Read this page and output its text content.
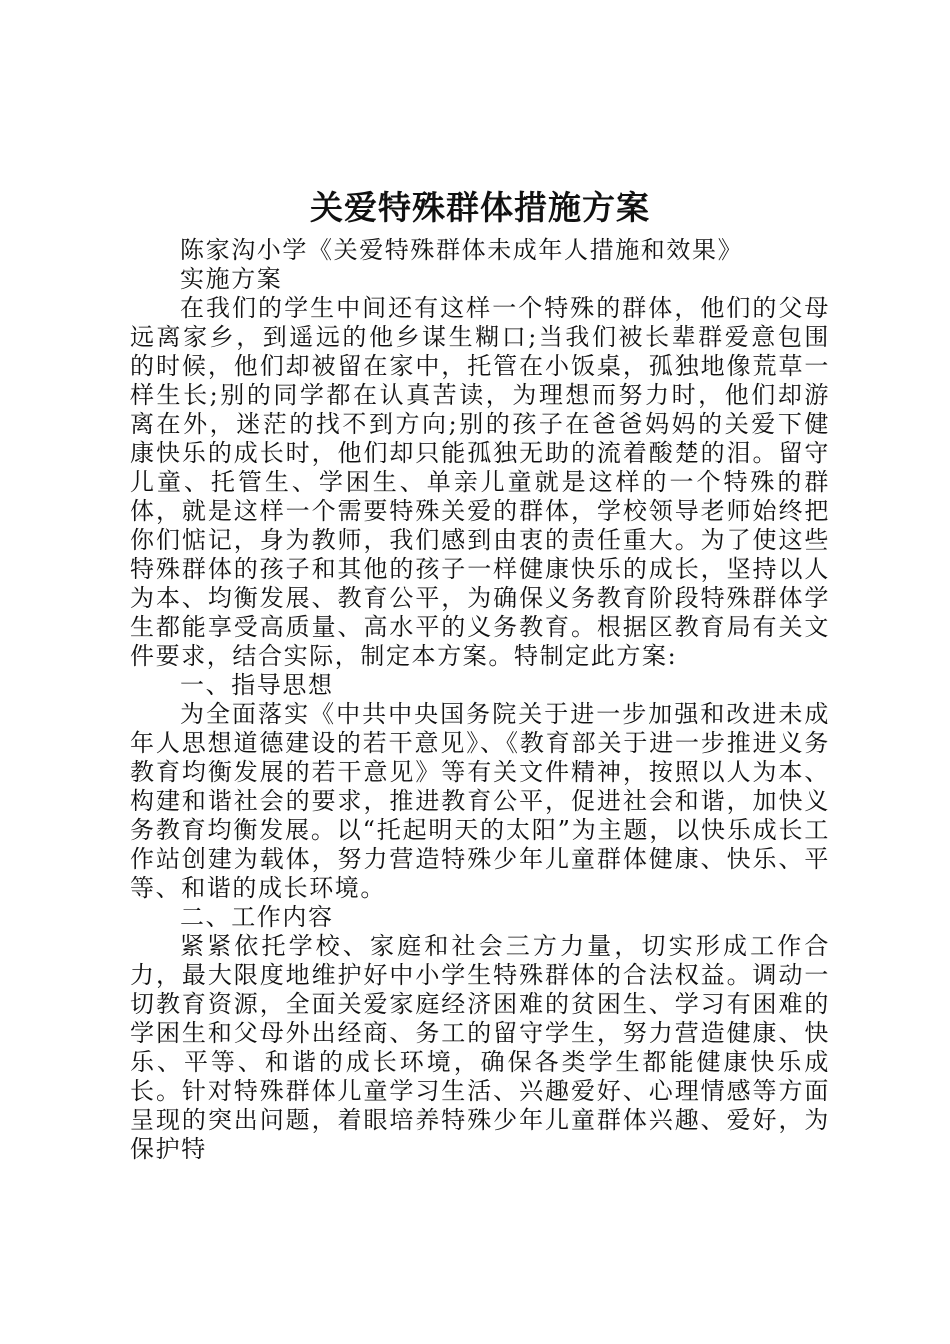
关爱特殊群体措施方案

陈家沟小学《关爱特殊群体未成年人措施和效果》

实施方案

在我们的学生中间还有这样一个特殊的群体，他们的父母远离家乡，到遥远的他乡谋生糊口;当我们被长辈群爱意包围的时候，他们却被留在家中，托管在小饭桌，孤独地像荒草一样生长;别的同学都在认真苦读，为理想而努力时，他们却游离在外，迷茫的找不到方向;别的孩子在爸爸妈妈的关爱下健康快乐的成长时，他们却只能孤独无助的流着酸楚的泪。留守儿童、托管生、学困生、单亲儿童就是这样的一个特殊的群体，就是这样一个需要特殊关爱的群体，学校领导老师始终把你们惦记，身为教师，我们感到由衷的责任重大。为了使这些特殊群体的孩子和其他的孩子一样健康快乐的成长，坚持以人为本、均衡发展、教育公平，为确保义务教育阶段特殊群体学生都能享受高质量、高水平的义务教育。根据区教育局有关文件要求，结合实际，制定本方案。特制定此方案:

一、指导思想

为全面落实《中共中央国务院关于进一步加强和改进未成年人思想道德建设的若干意见》、《教育部关于进一步推进义务教育均衡发展的若干意见》等有关文件精神，按照以人为本、构建和谐社会的要求，推进教育公平，促进社会和谐，加快义务教育均衡发展。以“托起明天的太阳”为主题，以快乐成长工作站创建为载体，努力营造特殊少年儿童群体健康、快乐、平等、和谐的成长环境。

二、工作内容

紧紧依托学校、家庭和社会三方力量，切实形成工作合力，最大限度地维护好中小学生特殊群体的合法权益。调动一切教育资源，全面关爱家庭经济困难的贫困生、学习有困难的学困生和父母外出经商、务工的留守学生，努力营造健康、快乐、平等、和谐的成长环境，确保各类学生都能健康快乐成长。针对特殊群体儿童学习生活、兴趣爱好、心理情感等方面呈现的突出问题，着眼培养特殊少年儿童群体兴趣、爱好，为保护特
